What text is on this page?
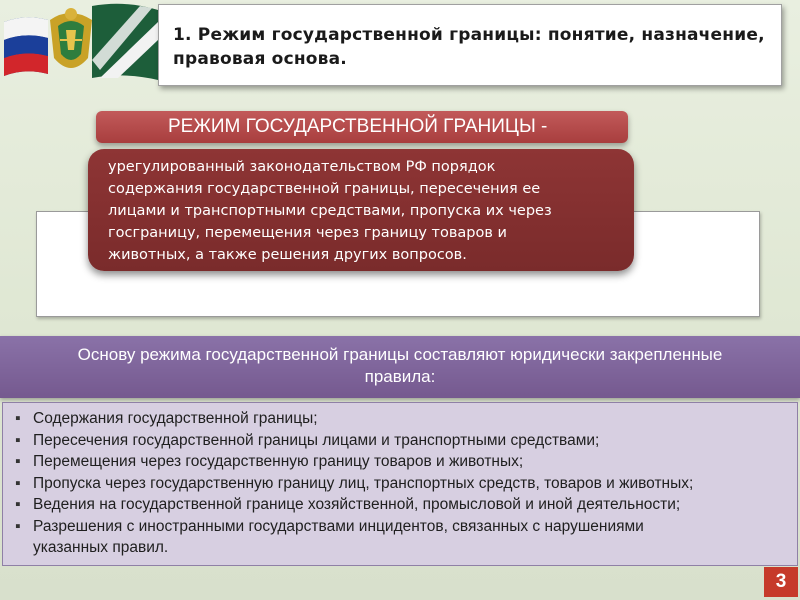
1. Режим государственной границы: понятие, назначение,
правовая основа.
РЕЖИМ ГОСУДАРСТВЕННОЙ ГРАНИЦЫ -
урегулированный законодательством РФ порядок
содержания государственной границы, пересечения ее
лицами и транспортными средствами, пропуска их через
госграницу, перемещения через границу товаров и
животных, а также решения других вопросов.
Основу режима государственной границы составляют юридически закрепленные
правила:
▪ Содержания государственной границы;
▪ Пересечения государственной границы лицами и транспортными средствами;
▪ Перемещения через государственную границу товаров и животных;
▪ Пропуска через государственную границу лиц, транспортных средств, товаров и животных;
▪ Ведения на государственной границе хозяйственной, промысловой и иной деятельности;
▪ Разрешения с иностранными государствами инцидентов, связанных с нарушениями
указанных правил.
3
